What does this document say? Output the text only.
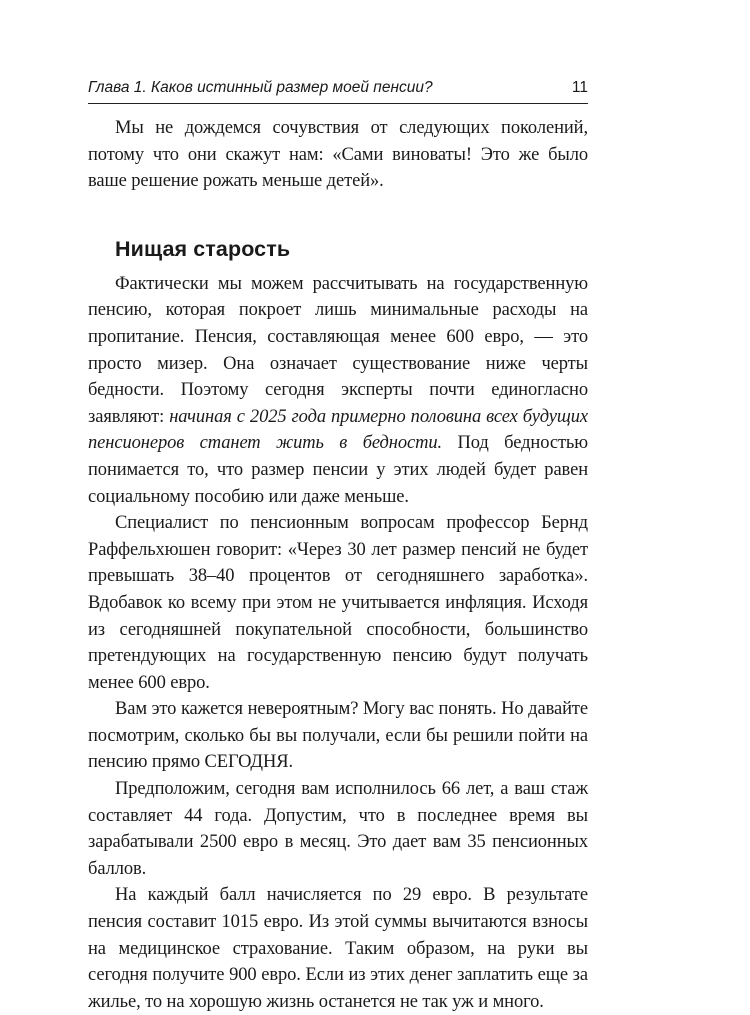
Глава 1. Каков истинный размер моей пенсии?	11

Мы не дождемся сочувствия от следующих поколений, потому что они скажут нам: «Сами виноваты! Это же было ваше решение рожать меньше детей».

Нищая старость

Фактически мы можем рассчитывать на государственную пенсию, которая покроет лишь минимальные расходы на пропитание. Пенсия, составляющая менее 600 евро, — это просто мизер. Она означает существование ниже черты бедности. Поэтому сегодня эксперты почти единогласно заявляют: начиная с 2025 года примерно половина всех будущих пенсионеров станет жить в бедности. Под бедностью понимается то, что размер пенсии у этих людей будет равен социальному пособию или даже меньше.

Специалист по пенсионным вопросам профессор Бернд Раффельхюшен говорит: «Через 30 лет размер пенсий не будет превышать 38–40 процентов от сегодняшнего заработка». Вдобавок ко всему при этом не учитывается инфляция. Исходя из сегодняшней покупательной способности, большинство претендующих на государственную пенсию будут получать менее 600 евро.

Вам это кажется невероятным? Могу вас понять. Но давайте посмотрим, сколько бы вы получали, если бы решили пойти на пенсию прямо СЕГОДНЯ.

Предположим, сегодня вам исполнилось 66 лет, а ваш стаж составляет 44 года. Допустим, что в последнее время вы зарабатывали 2500 евро в месяц. Это дает вам 35 пенсионных баллов.

На каждый балл начисляется по 29 евро. В результате пенсия составит 1015 евро. Из этой суммы вычитаются взносы на медицинское страхование. Таким образом, на руки вы сегодня получите 900 евро. Если из этих денег заплатить еще за жилье, то на хорошую жизнь останется не так уж и много.
